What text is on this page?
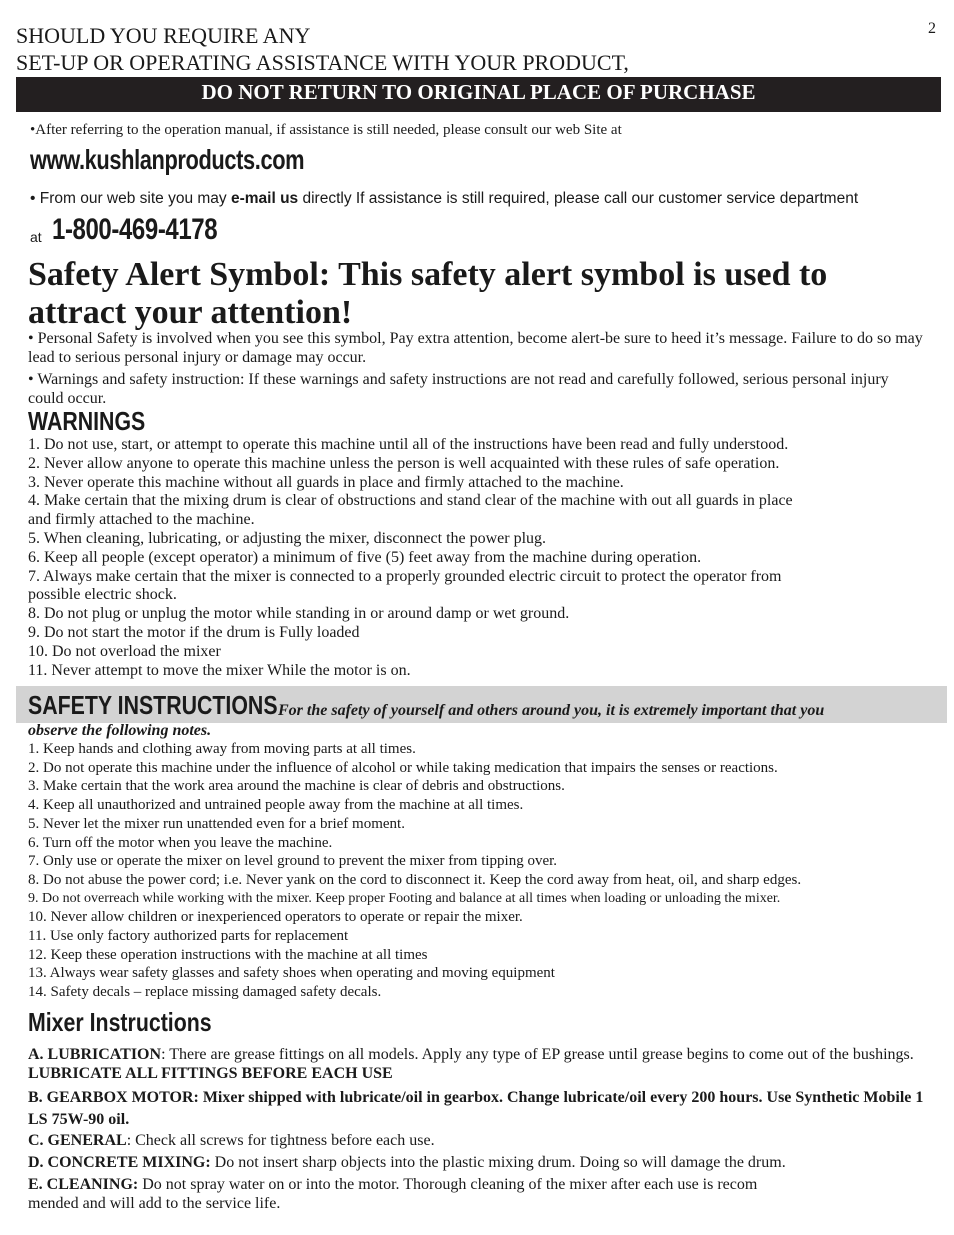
2
SHOULD YOU REQUIRE ANY
SET-UP OR OPERATING ASSISTANCE WITH YOUR PRODUCT,
DO NOT RETURN TO ORIGINAL PLACE OF PURCHASE
•After referring to the operation manual, if assistance is still needed, please consult our web Site at
www.kushlanproducts.com
• From our web site you may e-mail us directly If assistance is still required, please call our customer service department
at 1-800-469-4178
Safety Alert Symbol: This safety alert symbol is used to attract your attention!
• Personal Safety is involved when you see this symbol, Pay extra attention, become alert-be sure to heed it’s message. Failure to do so may lead to serious personal injury or damage may occur.
• Warnings and safety instruction: If these warnings and safety instructions are not read and carefully followed, serious personal injury could occur.
WARNINGS
1. Do not use, start, or attempt to operate this machine until all of the instructions have been read and fully understood.
2. Never allow anyone to operate this machine unless the person is well acquainted with these rules of safe operation.
3. Never operate this machine without all guards in place and firmly attached to the machine.
4. Make certain that the mixing drum is clear of obstructions and stand clear of the machine with out all guards in place
and firmly attached to the machine.
5. When cleaning, lubricating, or adjusting the mixer, disconnect the power plug.
6. Keep all people (except operator) a minimum of five (5) feet away from the machine during operation.
7. Always make certain that the mixer is connected to a properly grounded electric circuit to protect the operator from
possible electric shock.
8. Do not plug or unplug the motor while standing in or around damp or wet ground.
9. Do not start the motor if the drum is Fully loaded
10. Do not overload the mixer
11. Never attempt to move the mixer While the motor is on.
SAFETY INSTRUCTIONS For the safety of yourself and others around you, it is extremely important that you
observe the following notes.
1. Keep hands and clothing away from moving parts at all times.
2. Do not operate this machine under the influence of alcohol or while taking medication that impairs the senses or reactions.
3. Make certain that the work area around the machine is clear of debris and obstructions.
4. Keep all unauthorized and untrained people away from the machine at all times.
5. Never let the mixer run unattended even for a brief moment.
6. Turn off the motor when you leave the machine.
7. Only use or operate the mixer on level ground to prevent the mixer from tipping over.
8. Do not abuse the power cord; i.e. Never yank on the cord to disconnect it. Keep the cord away from heat, oil, and sharp edges.
9. Do not overreach while working with the mixer. Keep proper Footing and balance at all times when loading or unloading the mixer.
10. Never allow children or inexperienced operators to operate or repair the mixer.
11. Use only factory authorized parts for replacement
12. Keep these operation instructions with the machine at all times
13. Always wear safety glasses and safety shoes when operating and moving equipment
14. Safety decals – replace missing damaged safety decals.
Mixer Instructions
A. LUBRICATION: There are grease fittings on all models. Apply any type of EP grease until grease begins to come out of the bushings. LUBRICATE ALL FITTINGS BEFORE EACH USE
B. GEARBOX MOTOR: Mixer shipped with lubricate/oil in gearbox. Change lubricate/oil every 200 hours. Use Synthetic Mobile 1 LS 75W-90 oil.
C. GENERAL: Check all screws for tightness before each use.
D. CONCRETE MIXING: Do not insert sharp objects into the plastic mixing drum. Doing so will damage the drum.
E. CLEANING: Do not spray water on or into the motor. Thorough cleaning of the mixer after each use is recom
mended and will add to the service life.
